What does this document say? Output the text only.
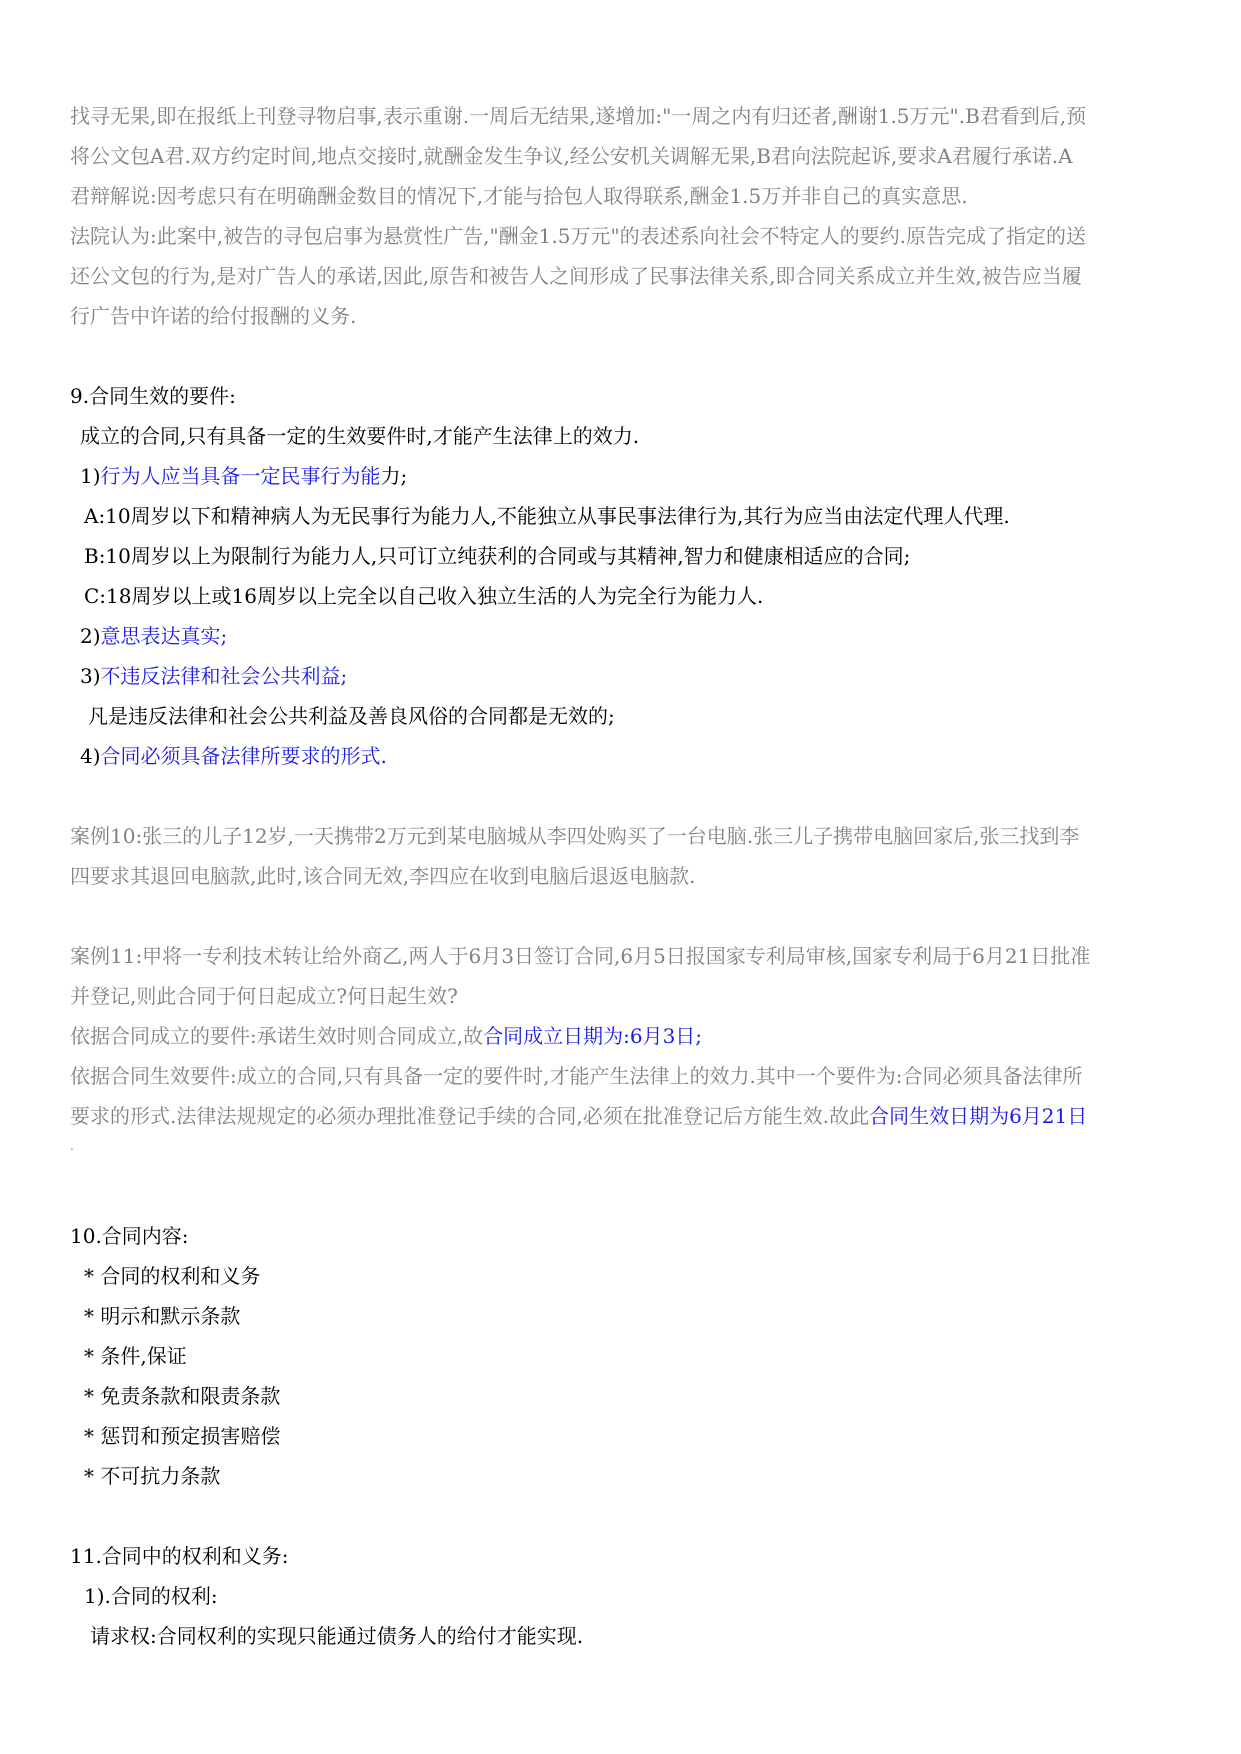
找寻无果,即在报纸上刊登寻物启事,表示重谢.一周后无结果,遂增加:"一周之内有归还者,酬谢1.5万元".B君看到后,预
将公文包A君.双方约定时间,地点交接时,就酬金发生争议,经公安机关调解无果,B君向法院起诉,要求A君履行承诺.A
君辩解说:因考虑只有在明确酬金数目的情况下,才能与拾包人取得联系,酬金1.5万并非自己的真实意思.
法院认为:此案中,被告的寻包启事为悬赏性广告,"酬金1.5万元"的表述系向社会不特定人的要约.原告完成了指定的送
还公文包的行为,是对广告人的承诺,因此,原告和被告人之间形成了民事法律关系,即合同关系成立并生效,被告应当履
行广告中许诺的给付报酬的义务.
9.合同生效的要件:
成立的合同,只有具备一定的生效要件时,才能产生法律上的效力.
1)行为人应当具备一定民事行为能力;
A:10周岁以下和精神病人为无民事行为能力人,不能独立从事民事法律行为,其行为应当由法定代理人代理.
B:10周岁以上为限制行为能力人,只可订立纯获利的合同或与其精神,智力和健康相适应的合同;
C:18周岁以上或16周岁以上完全以自己收入独立生活的人为完全行为能力人.
2)意思表达真实;
3)不违反法律和社会公共利益;
凡是违反法律和社会公共利益及善良风俗的合同都是无效的;
4)合同必须具备法律所要求的形式.
案例10:张三的儿子12岁,一天携带2万元到某电脑城从李四处购买了一台电脑.张三儿子携带电脑回家后,张三找到李
四要求其退回电脑款,此时,该合同无效,李四应在收到电脑后退返电脑款.
案例11:甲将一专利技术转让给外商乙,两人于6月3日签订合同,6月5日报国家专利局审核,国家专利局于6月21日批准
并登记,则此合同于何日起成立?何日起生效?
依据合同成立的要件:承诺生效时则合同成立,故合同成立日期为:6月3日;
依据合同生效要件:成立的合同,只有具备一定的要件时,才能产生法律上的效力.其中一个要件为:合同必须具备法律所
要求的形式.法律法规规定的必须办理批准登记手续的合同,必须在批准登记后方能生效.故此合同生效日期为6月21日
.
10.合同内容:
* 合同的权利和义务
* 明示和默示条款
* 条件,保证
* 免责条款和限责条款
* 惩罚和预定损害赔偿
* 不可抗力条款
11.合同中的权利和义务:
1).合同的权利:
请求权:合同权利的实现只能通过债务人的给付才能实现.
